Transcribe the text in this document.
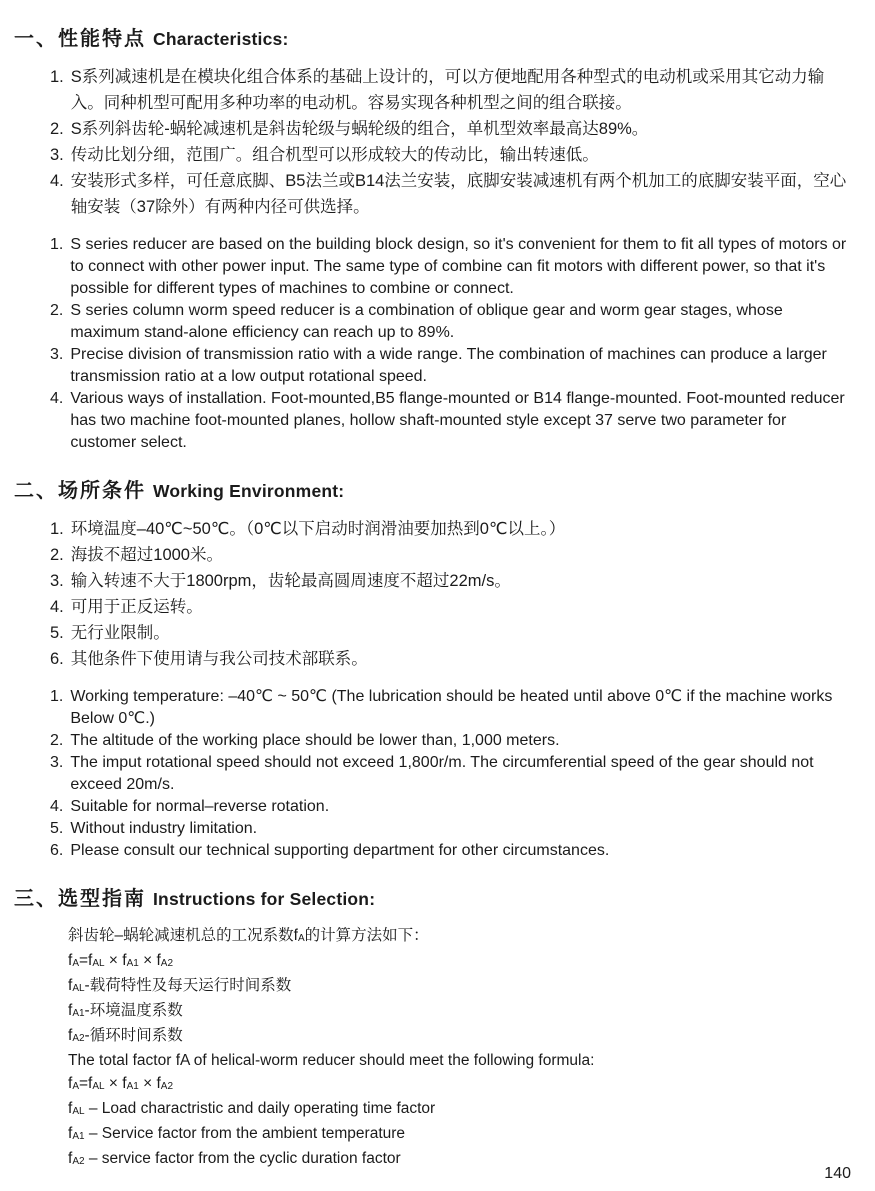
一、性能特点 Characteristics:
1. S系列减速机是在模块化组合体系的基础上设计的，可以方便地配用各种型式的电动机或采用其它动力输入。同种机型可配用多种功率的电动机。容易实现各种机型之间的组合联接。
2. S系列斜齿轮-蜗轮减速机是斜齿轮级与蜗轮级的组合，单机型效率最高达89%。
3. 传动比划分细，范围广。组合机型可以形成较大的传动比，输出转速低。
4. 安装形式多样，可任意底脚、B5法兰或B14法兰安装，底脚安装减速机有两个机加工的底脚安装平面，空心轴安装（37除外）有两种内径可供选择。
1. S series reducer are based on the building block design, so it's convenient for them to fit all types of motors or to connect with other power input. The same type of combine can fit motors with different power, so that it's possible for different types of machines to combine or connect.
2. S series column worm speed reducer is a combination of oblique gear and worm gear stages, whose maximum stand-alone efficiency can reach up to 89%.
3. Precise division of transmission ratio with a wide range. The combination of machines can produce a larger transmission ratio at a low output rotational speed.
4. Various ways of installation. Foot-mounted,B5 flange-mounted or B14 flange-mounted. Foot-mounted reducer has two machine foot-mounted planes, hollow shaft-mounted style except 37 serve two parameter for customer select.
二、场所条件 Working Environment:
1. 环境温度–40℃~50℃。（0℃以下启动时润滑油要加热到0℃以上。）
2. 海拔不超过1000米。
3. 输入转速不大于1800rpm，齿轮最高圆周速度不超过22m/s。
4. 可用于正反运转。
5. 无行业限制。
6. 其他条件下使用请与我公司技术部联系。
1. Working temperature: –40℃ ~ 50℃ (The lubrication should be heated until above 0℃ if the machine works Below 0℃.)
2. The altitude of the working place should be lower than, 1,000 meters.
3. The imput rotational speed should not exceed 1,800r/m. The circumferential speed of the gear should not exceed 20m/s.
4. Suitable for normal–reverse rotation.
5. Without industry limitation.
6. Please consult our technical supporting department for other circumstances.
三、选型指南 Instructions for Selection:
斜齿轮–蜗轮减速机总的工况系数$f_A$的计算方法如下：
$f_A=f_{AL} \times f_{A1} \times f_{A2}$
$f_{AL}-$载荷特性及每天运行时间系数
$f_{A1}-$环境温度系数
$f_{A2}-$循环时间系数
The total factor fA of helical-worm reducer should meet the following formula:
$f_A=f_{AL} \times f_{A1} \times f_{A2}$
$f_{AL}$ – Load charactristic and daily operating time factor
$f_{A1}$ – Service factor from the ambient temperature
$f_{A2}$ – service factor from the cyclic duration factor
140
